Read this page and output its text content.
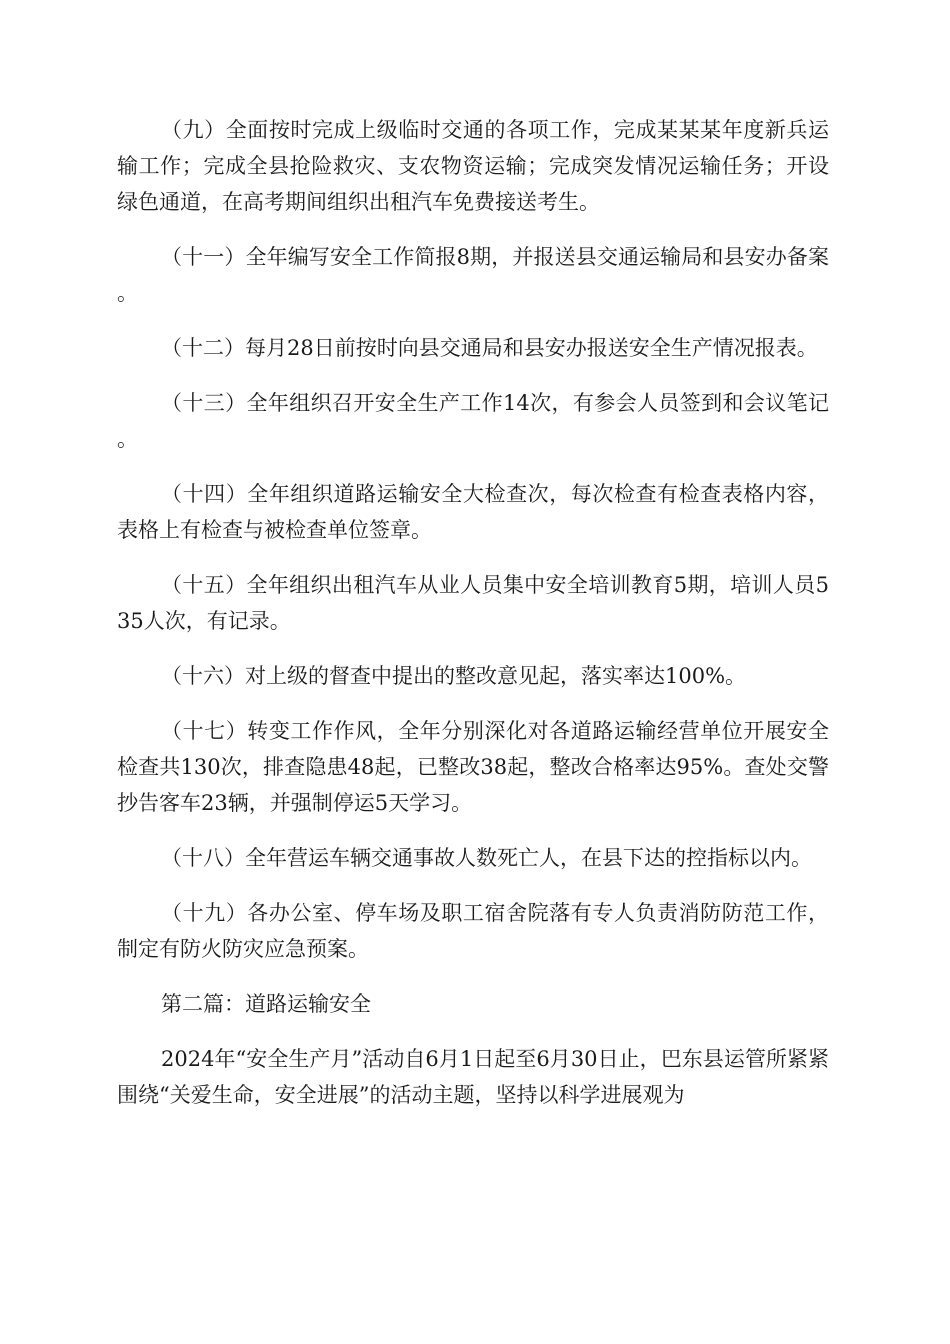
（九）全面按时完成上级临时交通的各项工作，完成某某某年度新兵运输工作；完成全县抢险救灾、支农物资运输；完成突发情况运输任务；开设绿色通道，在高考期间组织出租汽车免费接送考生。

（十一）全年编写安全工作简报8期，并报送县交通运输局和县安办备案。

（十二）每月28日前按时向县交通局和县安办报送安全生产情况报表。

（十三）全年组织召开安全生产工作14次，有参会人员签到和会议笔记。

（十四）全年组织道路运输安全大检查次，每次检查有检查表格内容，表格上有检查与被检查单位签章。

（十五）全年组织出租汽车从业人员集中安全培训教育5期，培训人员535人次，有记录。

（十六）对上级的督查中提出的整改意见起，落实率达100%。

（十七）转变工作作风，全年分别深化对各道路运输经营单位开展安全检查共130次，排查隐患48起，已整改38起，整改合格率达95%。查处交警抄告客车23辆，并强制停运5天学习。

（十八）全年营运车辆交通事故人数死亡人，在县下达的控指标以内。

（十九）各办公室、停车场及职工宿舍院落有专人负责消防防范工作，制定有防火防灾应急预案。

第二篇：道路运输安全

2024年“安全生产月”活动自6月1日起至6月30日止，巴东县运管所紧紧围绕“关爱生命，安全进展”的活动主题，坚持以科学进展观为
